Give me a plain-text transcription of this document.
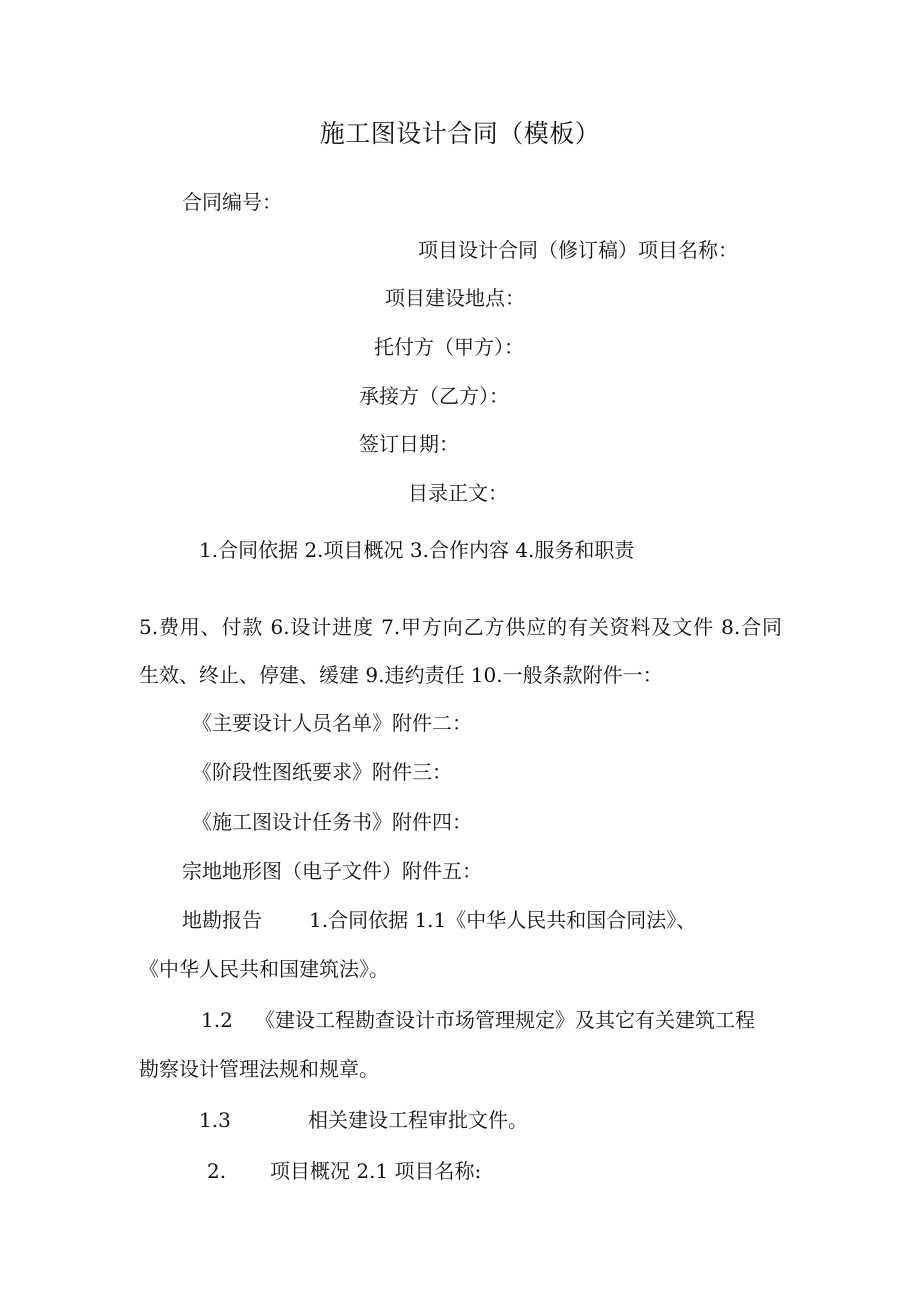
施工图设计合同（模板）
合同编号：
项目设计合同（修订稿）项目名称：
项目建设地点：
托付方（甲方）：
承接方（乙方）：
签订日期：
目录正文：
1.合同依据 2.项目概况 3.合作内容 4.服务和职责
5.费用、付款 6.设计进度 7.甲方向乙方供应的有关资料及文件 8.合同
生效、终止、停建、缓建 9.违约责任 10.一般条款附件一：
《主要设计人员名单》附件二：
《阶段性图纸要求》附件三：
《施工图设计任务书》附件四：
宗地地形图（电子文件）附件五：
地勘报告 1.合同依据 1.1《中华人民共和国合同法》、
《中华人民共和国建筑法》。
1.2 《建设工程勘查设计市场管理规定》及其它有关建筑工程
勘察设计管理法规和规章。
1.3	相关建设工程审批文件。
2. 项目概况 2.1 项目名称:
